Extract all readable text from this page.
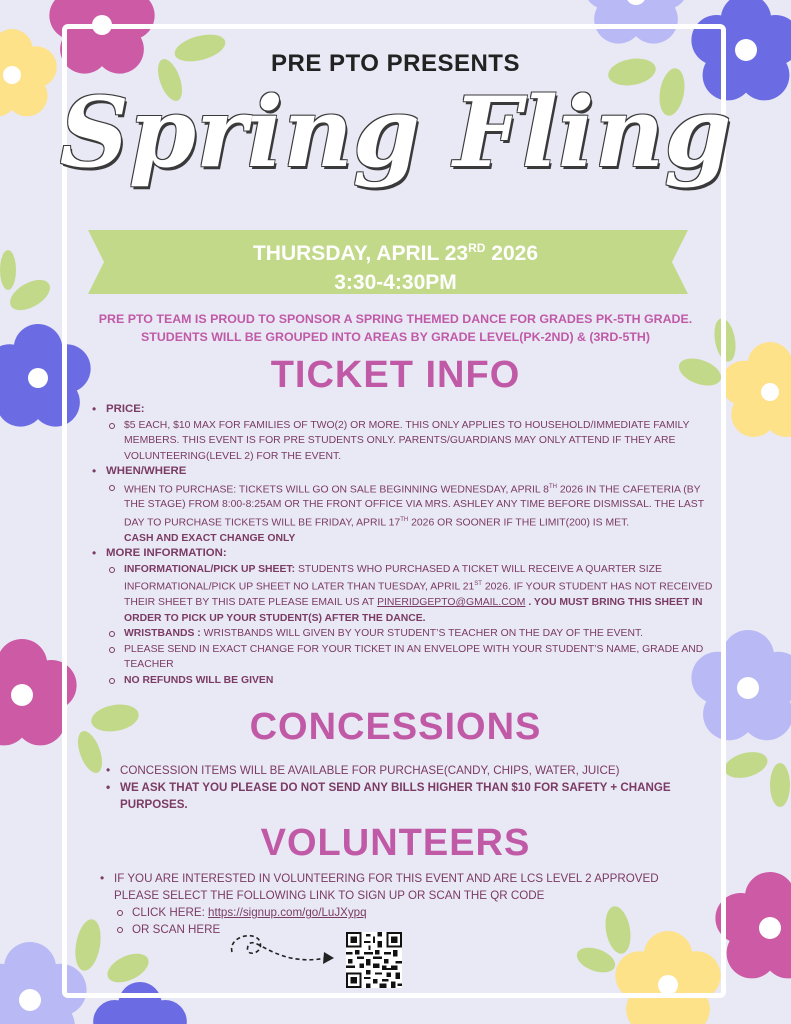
PRE PTO PRESENTS
Spring Fling
THURSDAY, APRIL 23RD 2026
3:30-4:30PM
PRE PTO TEAM IS PROUD TO SPONSOR A SPRING THEMED DANCE FOR GRADES PK-5TH GRADE.
STUDENTS WILL BE GROUPED INTO AREAS BY GRADE LEVEL(PK-2ND) & (3RD-5TH)
TICKET INFO
• PRICE:
$5 EACH, $10 MAX FOR FAMILIES OF TWO(2) OR MORE. THIS ONLY APPLIES TO HOUSEHOLD/IMMEDIATE FAMILY MEMBERS. THIS EVENT IS FOR PRE STUDENTS ONLY. PARENTS/GUARDIANS MAY ONLY ATTEND IF THEY ARE VOLUNTEERING(LEVEL 2) FOR THE EVENT.
• WHEN/WHERE
WHEN TO PURCHASE: TICKETS WILL GO ON SALE BEGINNING WEDNESDAY, APRIL 8TH 2026 IN THE CAFETERIA (BY THE STAGE) FROM 8:00-8:25AM OR THE FRONT OFFICE VIA MRS. ASHLEY ANY TIME BEFORE DISMISSAL. THE LAST DAY TO PURCHASE TICKETS WILL BE FRIDAY, APRIL 17TH 2026 OR SOONER IF THE LIMIT(200) IS MET.
CASH AND EXACT CHANGE ONLY
• MORE INFORMATION:
INFORMATIONAL/PICK UP SHEET: STUDENTS WHO PURCHASED A TICKET WILL RECEIVE A QUARTER SIZE INFORMATIONAL/PICK UP SHEET NO LATER THAN TUESDAY, APRIL 21ST 2026. IF YOUR STUDENT HAS NOT RECEIVED THEIR SHEET BY THIS DATE PLEASE EMAIL US AT PINERIDGEPTO@GMAIL.COM . YOU MUST BRING THIS SHEET IN ORDER TO PICK UP YOUR STUDENT(S) AFTER THE DANCE.
WRISTBANDS : WRISTBANDS WILL GIVEN BY YOUR STUDENT’S TEACHER ON THE DAY OF THE EVENT.
PLEASE SEND IN EXACT CHANGE FOR YOUR TICKET IN AN ENVELOPE WITH YOUR STUDENT’S NAME, GRADE AND TEACHER
NO REFUNDS WILL BE GIVEN
CONCESSIONS
• CONCESSION ITEMS WILL BE AVAILABLE FOR PURCHASE(CANDY, CHIPS, WATER, JUICE)
• WE ASK THAT YOU PLEASE DO NOT SEND ANY BILLS HIGHER THAN $10 FOR SAFETY + CHANGE PURPOSES.
VOLUNTEERS
• IF YOU ARE INTERESTED IN VOLUNTEERING FOR THIS EVENT AND ARE LCS LEVEL 2 APPROVED PLEASE SELECT THE FOLLOWING LINK TO SIGN UP OR SCAN THE QR CODE
CLICK HERE: https://signup.com/go/LuJXypq
OR SCAN HERE
